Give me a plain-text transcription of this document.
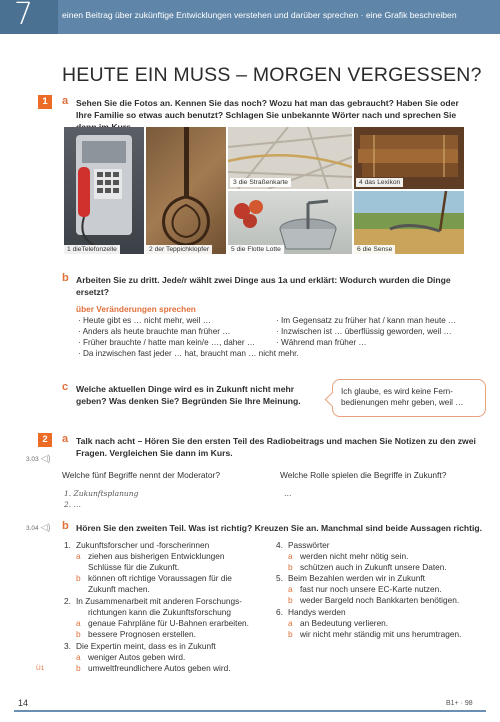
7	einen Beitrag über zukünftige Entwicklungen verstehen und darüber sprechen · eine Grafik beschreiben
HEUTE EIN MUSS – MORGEN VERGESSEN?
1	a Sehen Sie die Fotos an. Kennen Sie das noch? Wozu hat man das gebraucht? Haben Sie oder Ihre Familie so etwas auch benutzt? Schlagen Sie unbekannte Wörter nach und sprechen Sie
1 dieTelefonzelle	2 der Teppichklopfer
3 die Straßenkarte	4 das Lexikon
5 die Flotte Lotte	6 die Sense
b Arbeiten Sie zu dritt. Jede/r wählt zwei Dinge aus 1a und erklärt: Wodurch wurden die Dinge ersetzt?
über Veränderungen sprechen
· Heute gibt es … nicht mehr, weil …
· Anders als heute brauchte man früher …
· Früher brauchte / hatte man kein/e …, daher …
· Da inzwischen fast jeder … hat, braucht man … nicht mehr.
· Im Gegensatz zu früher hat / kann man heute …
· Inzwischen ist … überflüssig geworden, weil …
· Während man früher …
c Welche aktuellen Dinge wird es in Zukunft nicht mehr geben? Was denken Sie? Begründen Sie Ihre Meinung.
Ich glaube, es wird keine Fern-bedienungen mehr geben, weil …
2	a Talk nach acht – Hören Sie den ersten Teil des Radiobeitrags und machen Sie Notizen zu den zwei Fragen. Vergleichen Sie dann im Kurs.
3.03 ◁)
Welche fünf Begriffe nennt der Moderator?	Welche Rolle spielen die Begriffe in Zukunft?
1. Zukunftsplanung
2. …
…
3.04 ◁) b Hören Sie den zweiten Teil. Was ist richtig? Kreuzen Sie an. Manchmal sind beide Aussagen richtig.
1. Zukunftsforscher und -forscherinnen
a ziehen aus bisherigen Entwicklungen
Schlüsse für die Zukunft.
b können oft richtige Voraussagen für die
Zukunft machen.
2. In Zusammenarbeit mit anderen Forschungs-
richtungen kann die Zukunftsforschung
a genaue Fahrpläne für U-Bahnen erarbeiten.
b bessere Prognosen erstellen.
3. Die Expertin meint, dass es in Zukunft
a weniger Autos geben wird.
b umweltfreundlichere Autos geben wird.
Ü1
4. Passwörter
a werden nicht mehr nötig sein.
b schützen auch in Zukunft unsere Daten.
5. Beim Bezahlen werden wir in Zukunft
a fast nur noch unsere EC-Karte nutzen.
b weder Bargeld noch Bankkarten benötigen.
6. Handys werden
a an Bedeutung verlieren.
b wir nicht mehr ständig mit uns herumtragen.
14	B1+ · 98
